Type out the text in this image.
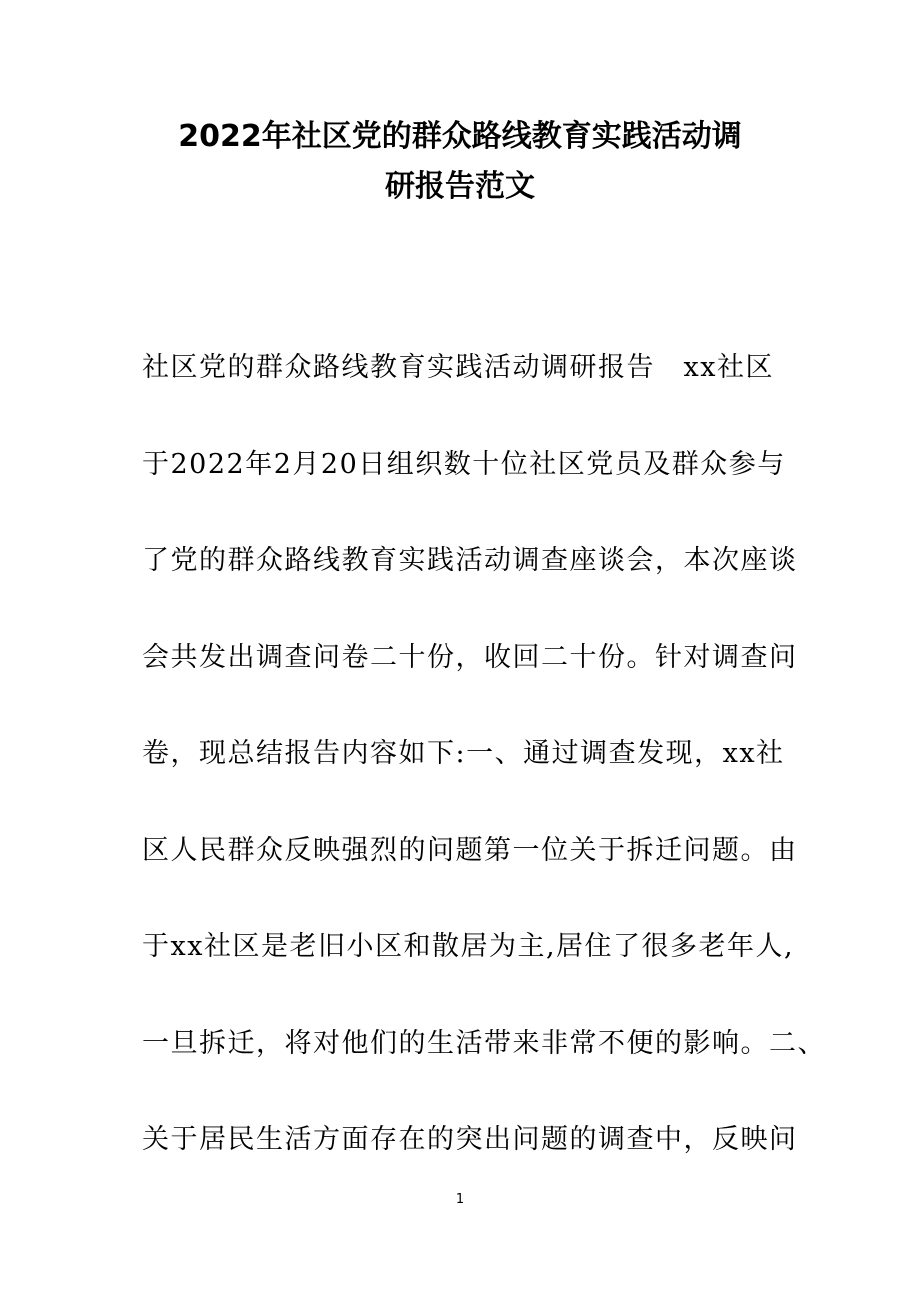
2022年社区党的群众路线教育实践活动调
研报告范文
社区党的群众路线教育实践活动调研报告　xx社区
于2022年2月20日组织数十位社区党员及群众参与
了党的群众路线教育实践活动调查座谈会，本次座谈
会共发出调查问卷二十份，收回二十份。针对调查问
卷，现总结报告内容如下:一、通过调查发现，xx社
区人民群众反映强烈的问题第一位关于拆迁问题。由
于xx社区是老旧小区和散居为主,居住了很多老年人,
一旦拆迁，将对他们的生活带来非常不便的影响。二、
关于居民生活方面存在的突出问题的调查中，反映问
1
